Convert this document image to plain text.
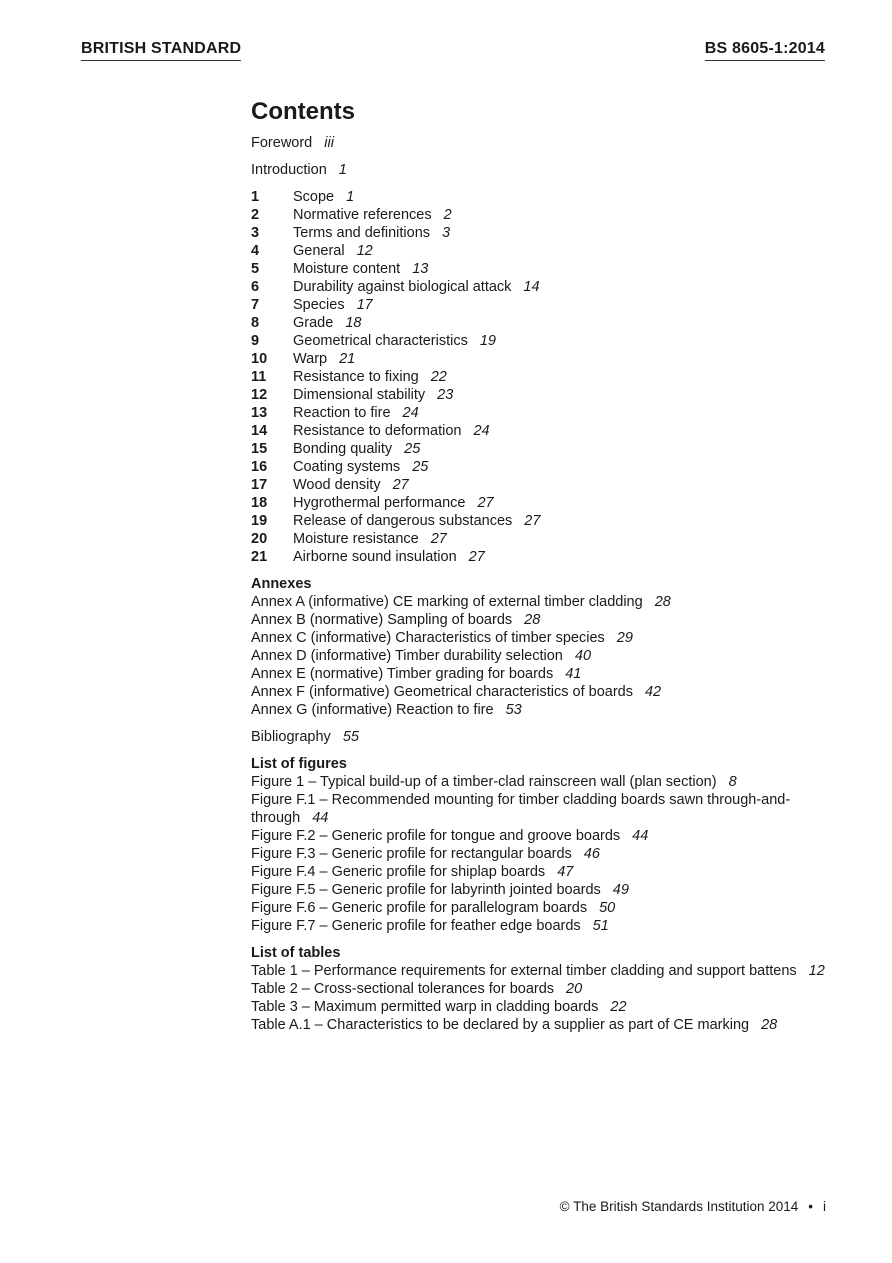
BRITISH STANDARD	BS 8605-1:2014
Contents
Foreword iii
Introduction 1
1	Scope 1
2	Normative references 2
3	Terms and definitions 3
4	General 12
5	Moisture content 13
6	Durability against biological attack 14
7	Species 17
8	Grade 18
9	Geometrical characteristics 19
10	Warp 21
11	Resistance to fixing 22
12	Dimensional stability 23
13	Reaction to fire 24
14	Resistance to deformation 24
15	Bonding quality 25
16	Coating systems 25
17	Wood density 27
18	Hygrothermal performance 27
19	Release of dangerous substances 27
20	Moisture resistance 27
21	Airborne sound insulation 27
Annexes
Annex A (informative) CE marking of external timber cladding 28
Annex B (normative) Sampling of boards 28
Annex C (informative) Characteristics of timber species 29
Annex D (informative) Timber durability selection 40
Annex E (normative) Timber grading for boards 41
Annex F (informative) Geometrical characteristics of boards 42
Annex G (informative) Reaction to fire 53
Bibliography 55
List of figures
Figure 1 – Typical build-up of a timber-clad rainscreen wall (plan section) 8
Figure F.1 – Recommended mounting for timber cladding boards sawn through-and-through 44
Figure F.2 – Generic profile for tongue and groove boards 44
Figure F.3 – Generic profile for rectangular boards 46
Figure F.4 – Generic profile for shiplap boards 47
Figure F.5 – Generic profile for labyrinth jointed boards 49
Figure F.6 – Generic profile for parallelogram boards 50
Figure F.7 – Generic profile for feather edge boards 51
List of tables
Table 1 – Performance requirements for external timber cladding and support battens 12
Table 2 – Cross-sectional tolerances for boards 20
Table 3 – Maximum permitted warp in cladding boards 22
Table A.1 – Characteristics to be declared by a supplier as part of CE marking 28
© The British Standards Institution 2014 • i
